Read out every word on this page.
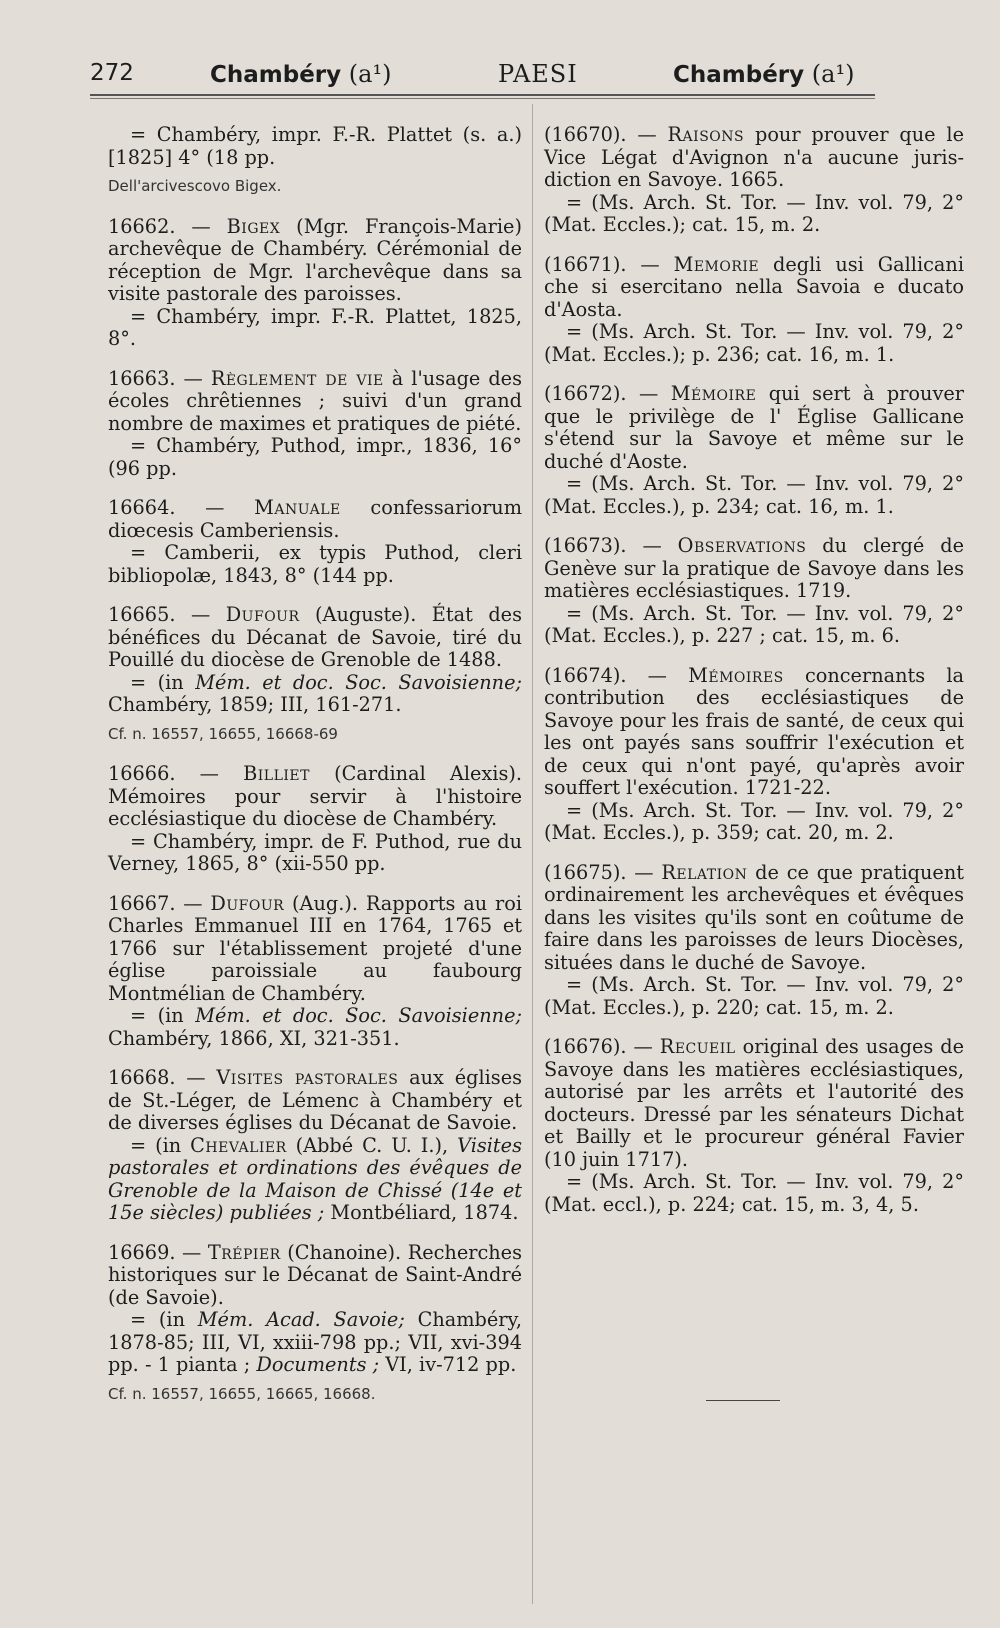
272	Chambéry (a¹)	PAESI	Chambéry (a¹)

= Chambéry, impr. F.-R. Plattet (s. a.) [1825] 4° (18 pp.

Dell'arcivescovo Bigex.

16662. — Bigex (Mgr. François-Marie) archevêque de Chambéry. Cérémonial de réception de Mgr. l'archevêque dans sa visite pastorale des paroisses.

= Chambéry, impr. F.-R. Plattet, 1825, 8°.

16663. — Règlement de vie à l'usage des écoles chrêtiennes ; suivi d'un grand nombre de maximes et pratiques de piété.

= Chambéry, Puthod, impr., 1836, 16° (96 pp.

16664. — Manuale confessariorum diœcesis Camberiensis.

= Camberii, ex typis Puthod, cleri bibliopolæ, 1843, 8° (144 pp.

16665. — Dufour (Auguste). État des bénéfices du Décanat de Savoie, tiré du Pouillé du diocèse de Grenoble de 1488.

= (in Mém. et doc. Soc. Savoisienne; Chambéry, 1859; III, 161-271.

Cf. n. 16557, 16655, 16668-69

16666. — Billiet (Cardinal Alexis). Mémoires pour servir à l'histoire ecclésiastique du diocèse de Chambéry.

= Chambéry, impr. de F. Puthod, rue du Verney, 1865, 8° (xii-550 pp.

16667. — Dufour (Aug.). Rapports au roi Charles Emmanuel III en 1764, 1765 et 1766 sur l'établissement projeté d'une église paroissiale au faubourg Montmélian de Chambéry.

= (in Mém. et doc. Soc. Savoisienne; Chambéry, 1866, XI, 321-351.

16668. — Visites pastorales aux églises de St.-Léger, de Lémenc à Chambéry et de diverses églises du Décanat de Savoie.

= (in Chevalier (Abbé C. U. I.), Visites pastorales et ordinations des évêques de Grenoble de la Maison de Chissé (14e et 15e siècles) publiées ; Montbéliard, 1874.

16669. — Trépier (Chanoine). Recherches historiques sur le Décanat de Saint-André (de Savoie).

= (in Mém. Acad. Savoie; Chambéry, 1878-85; III, VI, xxiii-798 pp.; VII, xvi-394 pp. - 1 pianta ; Documents ; VI, iv-712 pp.

Cf. n. 16557, 16655, 16665, 16668.

(16670). — Raisons pour prouver que le Vice Légat d'Avignon n'a aucune jurisdiction en Savoye. 1665.

= (Ms. Arch. St. Tor. — Inv. vol. 79, 2° (Mat. Eccles.); cat. 15, m. 2.

(16671). — Memorie degli usi Gallicani che si esercitano nella Savoia e ducato d'Aosta.

= (Ms. Arch. St. Tor. — Inv. vol. 79, 2° (Mat. Eccles.); p. 236; cat. 16, m. 1.

(16672). — Mémoire qui sert à prouver que le privilège de l' Église Gallicane s'étend sur la Savoye et même sur le duché d'Aoste.

= (Ms. Arch. St. Tor. — Inv. vol. 79, 2° (Mat. Eccles.), p. 234; cat. 16, m. 1.

(16673). — Observations du clergé de Genève sur la pratique de Savoye dans les matières ecclésiastiques. 1719.

= (Ms. Arch. St. Tor. — Inv. vol. 79, 2° (Mat. Eccles.), p. 227 ; cat. 15, m. 6.

(16674). — Mémoires concernants la contribution des ecclésiastiques de Savoye pour les frais de santé, de ceux qui les ont payés sans souffrir l'exécution et de ceux qui n'ont payé, qu'après avoir souffert l'exécution. 1721-22.

= (Ms. Arch. St. Tor. — Inv. vol. 79, 2° (Mat. Eccles.), p. 359; cat. 20, m. 2.

(16675). — Relation de ce que pratiquent ordinairement les archevêques et évêques dans les visites qu'ils sont en coûtume de faire dans les paroisses de leurs Diocèses, situées dans le duché de Savoye.

= (Ms. Arch. St. Tor. — Inv. vol. 79, 2° (Mat. Eccles.), p. 220; cat. 15, m. 2.

(16676). — Recueil original des usages de Savoye dans les matières ecclésiastiques, autorisé par les arrêts et l'autorité des docteurs. Dressé par les sénateurs Dichat et Bailly et le procureur général Favier (10 juin 1717).

= (Ms. Arch. St. Tor. — Inv. vol. 79, 2° (Mat. eccl.), p. 224; cat. 15, m. 3, 4, 5.
